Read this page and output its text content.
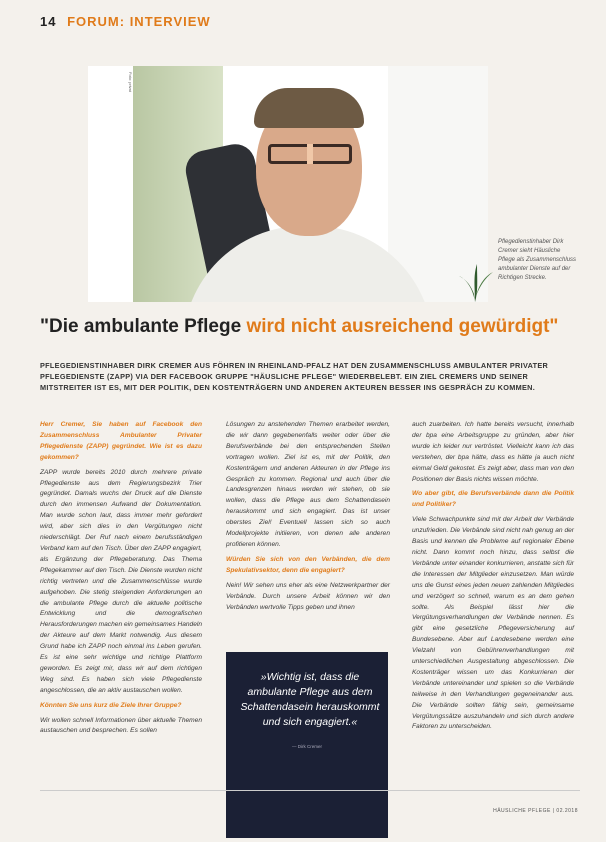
14 FORUM: INTERVIEW
Foto: privat
Pflegedienstinhaber Dirk Cremer sieht Häusliche Pflege als Zusammenschluss ambulanter Dienste auf der Richtigen Strecke.
"Die ambulante Pflege wird nicht ausreichend gewürdigt"
PFLEGEDIENSTINHABER DIRK CREMER AUS FÖHREN IN RHEINLAND-PFALZ HAT DEN ZUSAMMENSCHLUSS AMBULANTER PRIVATER PFLEGEDIENSTE (ZAPP) VIA DER FACEBOOK GRUPPE "HÄUSLICHE PFLEGE" WIEDERBELEBT. EIN ZIEL CREMERS UND SEINER MITSTREITER IST ES, MIT DER POLITIK, DEN KOSTENTRÄGERN UND ANDEREN AKTEUREN BESSER INS GESPRÄCH ZU KOMMEN.

Herr Cremer, Sie haben auf Facebook den Zusammenschluss Ambulanter Privater Pflegedienste (ZAPP) gegründet. Wie ist es dazu gekommen?

ZAPP wurde bereits 2010 durch mehrere private Pflegedienste aus dem Regierungsbezirk Trier gegründet. Damals wuchs der Druck auf die Dienste durch den immensen Aufwand der Dokumentation. Man wurde schon laut, dass immer mehr gefordert wird, aber sich dies in den Vergütungen nicht niederschlägt. Der Ruf nach einem berufsständigen Verband kam auf den Tisch. Über den ZAPP engagiert, als Ergänzung der Pflegeberatung. Das Thema Pflegekammer auf den Tisch. Die Dienste wurden nicht richtig vertreten und die Zusammenschlüsse wurde aufgehoben. Die stetig steigenden Anforderungen an die ambulante Pflege durch die aktuelle politische Entwicklung und die demografischen Herausforderungen machen ein gemeinsames Handeln der Akteure auf dem Markt notwendig. Aus diesem Grund habe ich ZAPP noch einmal ins Leben gerufen. Es ist eine sehr wichtige und richtige Plattform geworden. Es zeigt mir, dass wir auf dem richtigen Weg sind. Es haben sich viele Pflegedienste angeschlossen, die an aktiv austauschen wollen.

Könnten Sie uns kurz die Ziele Ihrer Gruppe?

Wir wollen schnell Informationen über aktuelle Themen austauschen und besprechen. Es sollen

Lösungen zu anstehenden Themen erarbeitet werden, die wir dann gegebenenfalls weiter oder über die Berufsverbände bei den entsprechenden Stellen vortragen wollen. Ziel ist es, mit der Politik, den Kostenträgern und anderen Akteuren in der Pflege ins Gespräch zu kommen. Regional und auch über die Landesgrenzen hinaus werden wir stehen, ob sie wollen, dass die Pflege aus dem Schattendasein herauskommt und sich engagiert. Das ist unser oberstes Ziel! Eventuell lassen sich so auch Modellprojekte initiieren, von denen alle anderen profitieren können.

Würden Sie sich von den Verbänden, die dem Spekulativsektor, denn die engagiert?

Nein! Wir sehen uns eher als eine Netzwerkpartner der Verbände. Durch unsere Arbeit können wir den Verbänden wertvolle Tipps geben und ihnen

»Wichtig ist, dass die ambulante Pflege aus dem Schattendasein herauskommt und sich engagiert.«
— Dirk Cremer

auch zuarbeiten. Ich hatte bereits versucht, innerhalb der bpa eine Arbeitsgruppe zu gründen, aber hier wurde ich leider nur vertröstet. Vielleicht kann ich das verstehen, der bpa hätte, dass es hätte ja auch nicht einmal Geld gekostet. Es zeigt aber, dass man von den Positionen der Basis nichts wissen möchte.

Wo aber gibt, die Berufsverbände dann die Politik und Politiker?

Viele Schwachpunkte sind mit der Arbeit der Verbände unzufrieden. Die Verbände sind nicht nah genug an der Basis und kennen die Probleme auf regionaler Ebene nicht. Dann kommt noch hinzu, dass selbst die Verbände unter einander konkurrieren, anstatte sich für die Interessen der Mitglieder einzusetzen. Man würde uns die Gunst eines jeden neuen zahlenden Mitgliedes und verzögert so schnell, warum es an dem gehen sollte. Als Beispiel lässt hier die Vergütungsverhandlungen der Verbände nennen. Es gibt eine gesetzliche Pflegeversicherung auf Bundesebene. Aber auf Landesebene werden eine Vielzahl von Gebührenverhandlungen mit unterschiedlichen Ausgestaltung abgeschlossen. Die Kostenträger wissen um das Konkurrieren der Verbände untereinander und spielen so die Verbände teilweise in den Verhandlungen gegeneinander aus. Die Verbände sollten fähig sein, gemeinsame Vergütungssätze auszuhandeln und sich durch andere Faktoren zu unterscheiden.

HÄUSLICHE PFLEGE | 02.2018
